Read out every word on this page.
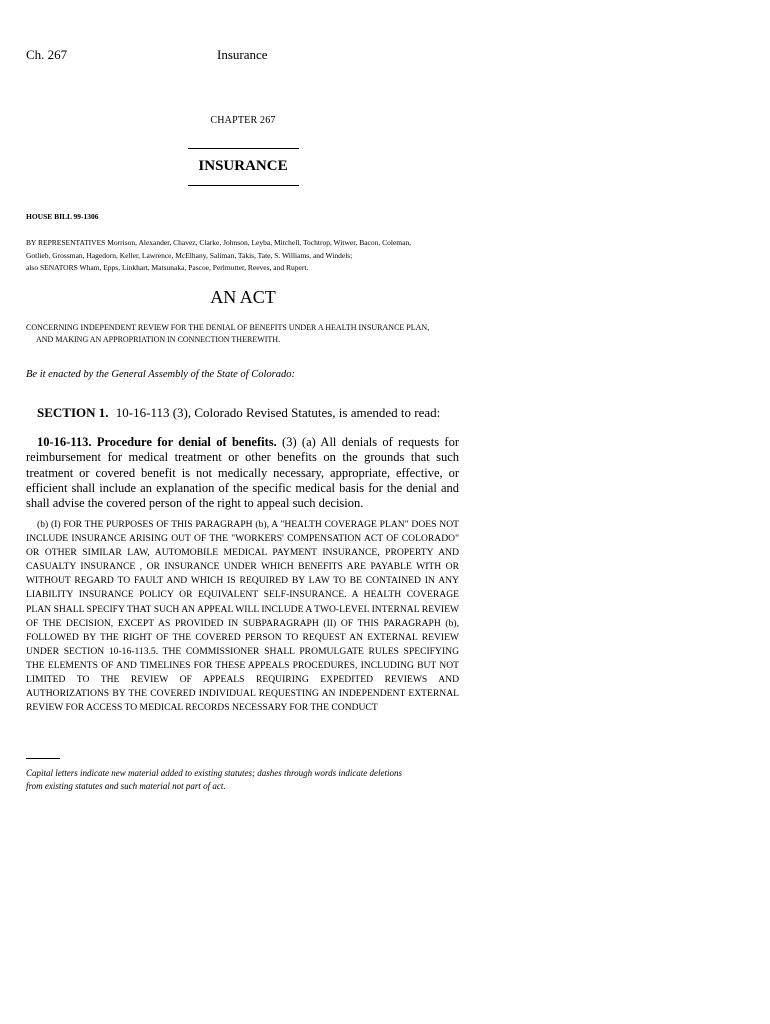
Ch. 267	Insurance
CHAPTER 267
INSURANCE
HOUSE BILL 99-1306
BY REPRESENTATIVES Morrison, Alexander, Chavez, Clarke, Johnson, Leyba, Mitchell, Tochtrop, Witwer, Bacon, Coleman,
Gotlieb, Grossman, Hagedorn, Keller, Lawrence, McElhany, Saliman, Takis, Tate, S. Williams, and Windels;
also SENATORS Wham, Epps, Linkhart, Matsunaka, Pascoe, Perlmutter, Reeves, and Rupert.
AN ACT
CONCERNING INDEPENDENT REVIEW FOR THE DENIAL OF BENEFITS UNDER A HEALTH INSURANCE PLAN,
AND MAKING AN APPROPRIATION IN CONNECTION THEREWITH.
Be it enacted by the General Assembly of the State of Colorado:
SECTION 1. 10-16-113 (3), Colorado Revised Statutes, is amended to read:
10-16-113. Procedure for denial of benefits. (3) (a) All denials of requests for reimbursement for medical treatment or other benefits on the grounds that such treatment or covered benefit is not medically necessary, appropriate, effective, or efficient shall include an explanation of the specific medical basis for the denial and shall advise the covered person of the right to appeal such decision.
(b) (I) FOR THE PURPOSES OF THIS PARAGRAPH (b), A "HEALTH COVERAGE PLAN" DOES NOT INCLUDE INSURANCE ARISING OUT OF THE "WORKERS' COMPENSATION ACT OF COLORADO" OR OTHER SIMILAR LAW, AUTOMOBILE MEDICAL PAYMENT INSURANCE, PROPERTY AND CASUALTY INSURANCE , OR INSURANCE UNDER WHICH BENEFITS ARE PAYABLE WITH OR WITHOUT REGARD TO FAULT AND WHICH IS REQUIRED BY LAW TO BE CONTAINED IN ANY LIABILITY INSURANCE POLICY OR EQUIVALENT SELF-INSURANCE. A HEALTH COVERAGE PLAN SHALL SPECIFY THAT SUCH AN APPEAL WILL INCLUDE A TWO-LEVEL INTERNAL REVIEW OF THE DECISION, EXCEPT AS PROVIDED IN SUBPARAGRAPH (II) OF THIS PARAGRAPH (b), FOLLOWED BY THE RIGHT OF THE COVERED PERSON TO REQUEST AN EXTERNAL REVIEW UNDER SECTION 10-16-113.5. THE COMMISSIONER SHALL PROMULGATE RULES SPECIFYING THE ELEMENTS OF AND TIMELINES FOR THESE APPEALS PROCEDURES, INCLUDING BUT NOT LIMITED TO THE REVIEW OF APPEALS REQUIRING EXPEDITED REVIEWS AND AUTHORIZATIONS BY THE COVERED INDIVIDUAL REQUESTING AN INDEPENDENT EXTERNAL REVIEW FOR ACCESS TO MEDICAL RECORDS NECESSARY FOR THE CONDUCT
Capital letters indicate new material added to existing statutes; dashes through words indicate deletions
from existing statutes and such material not part of act.
